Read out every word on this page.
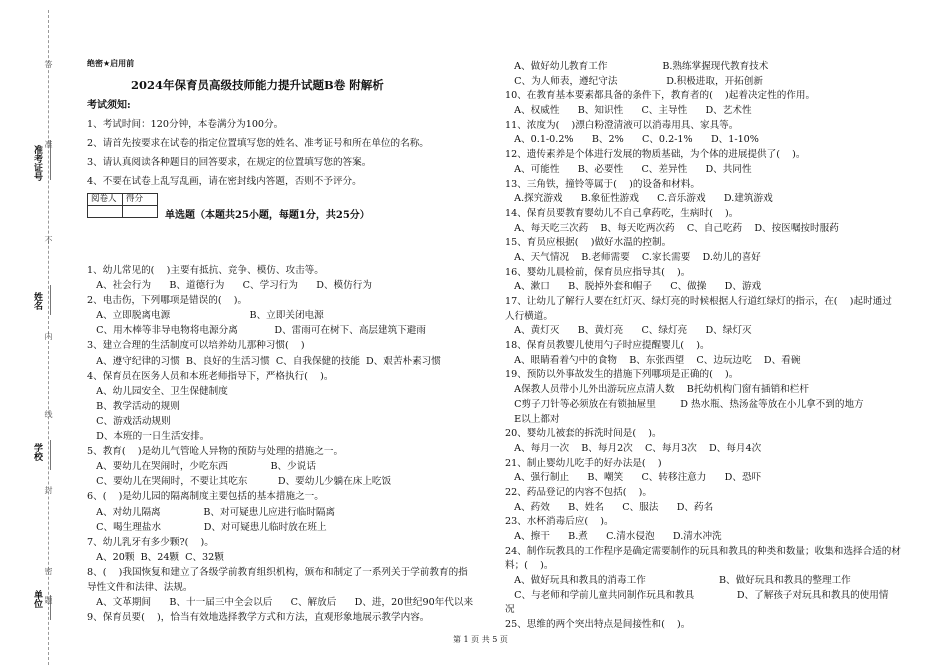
准考证号
姓名
学校
单位
答
准
不
内
线
封
密
题
绝密★启用前
2024年保育员高级技师能力提升试题B卷 附解析
考试须知:
1、考试时间：120分钟，本卷满分为100分。
2、请首先按要求在试卷的指定位置填写您的姓名、准考证号和所在单位的名称。
3、请认真阅读各种题目的回答要求，在规定的位置填写您的答案。
4、不要在试卷上乱写乱画，请在密封线内答题，否则不予评分。
阅卷人	得分

单选题（本题共25小题，每题1分，共25分）
1、幼儿常见的(    )主要有抵抗、竞争、模仿、攻击等。
A、社会行为      B、道德行为      C、学习行为      D、模仿行为
2、电击伤，下列哪项是错误的(    )。
A、立即脱离电源                          B、立即关闭电源
C、用木棒等非导电物将电源分离            D、雷雨可在树下、高层建筑下避雨
3、建立合理的生活制度可以培养幼儿那种习惯(    )
A、遵守纪律的习惯  B、良好的生活习惯  C、自我保健的技能  D、艰苦朴素习惯
4、保育员在医务人员和本班老师指导下，严格执行(    )。
A、幼儿园安全、卫生保健制度
B、教学活动的规则
C、游戏活动规则
D、本班的一日生活安排。
5、教育(    )是幼儿气管呛人异物的预防与处理的措施之一。
A、要幼儿在哭闹时，少吃东西              B、少说话
C、要幼儿在哭闹时，不要让其吃东          D、要幼儿少躺在床上吃饭
6、(    )是幼儿园的隔离制度主要包括的基本措施之一。
A、对幼儿隔离              B、对可疑患儿应进行临时隔离
C、喝生理盐水              D、对可疑患儿临时放在班上
7、幼儿乳牙有多少颗?(    )。
A、20颗  B、24颗  C、32颗
8、(    )我国恢复和建立了各级学前教育组织机构，颁布和制定了一系列关于学前教育的指
导性文件和法律、法规。
A、文革期间      B、十一届三中全会以后      C、解放后      D、进，20世纪90年代以来
9、保育员要(    )，恰当有效地选择教学方式和方法，直观形象地展示教学内容。
A、做好幼儿教育工作                  B.熟练掌握现代教育技术
C、为人师表，遵纪守法                D.积极进取，开拓创新
10、在教育基本要素都具备的条件下，教育者的(    )起着决定性的作用。
A、权威性      B、知识性      C、主导性      D、艺术性
11、浓度为(    )漂白粉澄清液可以消毒用具、家具等。
A、0.1-0.2%      B、2%      C、0.2-1%      D、1-10%
12、遗传素养是个体进行发展的物质基础，为个体的进展提供了(    )。
A、可能性      B、必要性      C、差异性      D、共同性
13、三角铁，撞铃等属于(    )的设备和材料。
A.探究游戏      B.象征性游戏      C.音乐游戏      D.建筑游戏
14、保育员要教育婴幼儿不自己拿药吃，生病时(    )。
A、每天吃三次药    B、每天吃两次药    C、自己吃药    D、按医嘱按时服药
15、育员应根据(    )做好水温的控制。
A、天气情况    B.老师需要    C.家长需要    D.幼儿的喜好
16、婴幼儿晨检前，保育员应指导其(    )。
A、漱口      B、脱掉外套和帽子      C、做操      D、游戏
17、让幼儿了解行人要在红灯灭、绿灯亮的时候根据人行道红绿灯的指示，在(    )起时通过
人行横道。
A、黄灯灭      B、黄灯亮      C、绿灯亮      D、绿灯灭
18、保育员教婴儿使用勺子时应提醒婴儿(    )。
A、眼睛看着勺中的食物    B、东张西望    C、边玩边吃    D、看碗
19、预防以外事故发生的措施下列哪项是正确的(    )。
A保教人员带小儿外出游玩应点清人数    B托幼机构门窗有插销和栏杆
C剪子刀针等必须放在有锁抽屉里        D 热水瓶、热汤盆等放在小儿拿不到的地方
E以上都对
20、婴幼儿被套的拆洗时间是(    )。
A、每月一次    B、每月2次    C、每月3次    D、每月4次
21、制止婴幼儿吃手的好办法是(    )
A、强行制止      B、嘲笑      C、转移注意力      D、恐吓
22、药品登记的内容不包括(    )。
A、药效      B、姓名      C、服法      D、药名
23、水杯消毒后应(    )。
A、擦干      B.煮      C.清水侵泡      D.清水冲洗
24、制作玩教具的工作程序是确定需要制作的玩具和教具的种类和数量；收集和选择合适的材
料；(    )。
A、做好玩具和教具的消毒工作                        B、做好玩具和教具的整理工作
C、与老师和学前儿童共同制作玩具和教具              D、了解孩子对玩具和教具的使用情
况
25、思维的两个突出特点是间接性和(    )。
第 1 页 共 5 页
